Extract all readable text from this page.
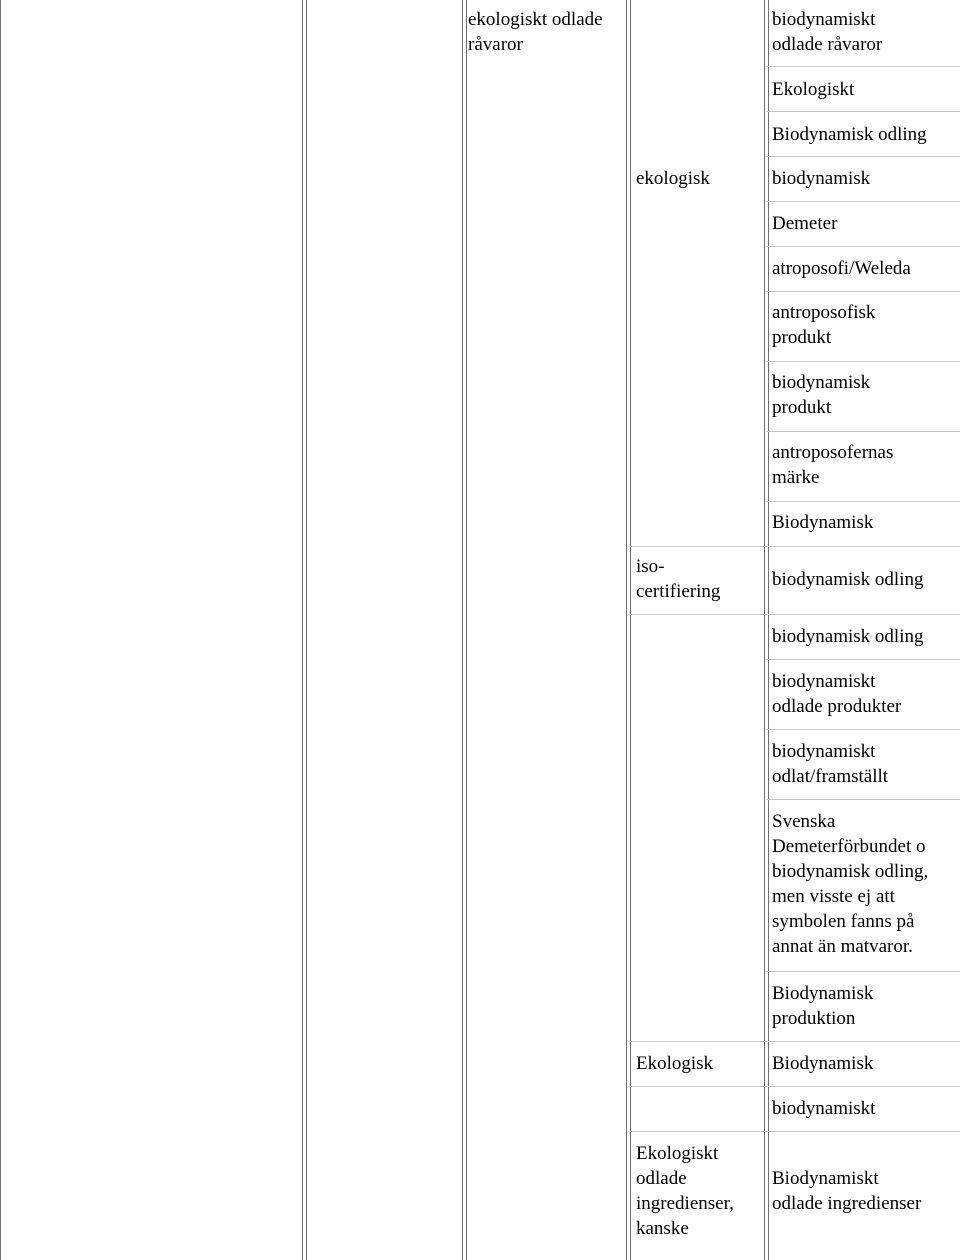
ekologiskt odlade råvaror
ekologisk
iso-
certifiering
Ekologisk
Ekologiskt
odlade
ingredienser,
kanske
biodynamiskt
odlade råvaror
Ekologiskt
Biodynamisk odling
biodynamisk
Demeter
atroposofi/Weleda
antroposofisk
produkt
biodynamisk
produkt
antroposofernas
märke
Biodynamisk
biodynamisk odling
biodynamisk odling
biodynamiskt
odlade produkter
biodynamiskt
odlat/framställt
Svenska
Demeterförbundet o
biodynamisk odling,
men visste ej att
symbolen fanns på
annat än matvaror.
Biodynamisk
produktion
Biodynamisk
biodynamiskt
Biodynamiskt
odlade ingredienser
